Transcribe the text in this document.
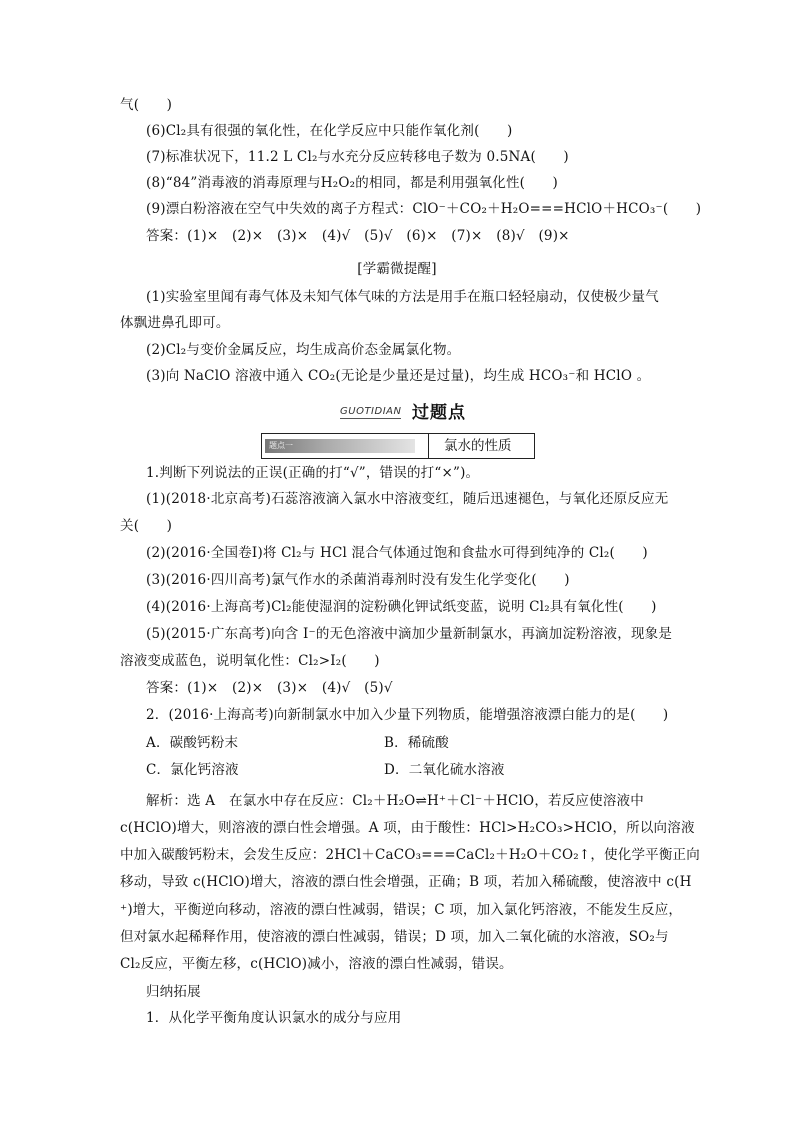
气(　　)
(6)Cl₂具有很强的氧化性，在化学反应中只能作氧化剂(　　)
(7)标准状况下，11.2 L Cl₂与水充分反应转移电子数为 0.5NA(　　)
(8)“84”消毒液的消毒原理与H₂O₂的相同，都是利用强氧化性(　　)
(9)漂白粉溶液在空气中失效的离子方程式：ClO⁻＋CO₂＋H₂O===HClO＋HCO₃⁻(　　)
答案：(1)×　(2)×　(3)×　(4)√　(5)√　(6)×　(7)×　(8)√　(9)×
[学霸微提醒]
(1)实验室里闻有毒气体及未知气体气味的方法是用手在瓶口轻轻扇动，仅使极少量气
体飘进鼻孔即可。
(2)Cl₂与变价金属反应，均生成高价态金属氯化物。
(3)向 NaClO 溶液中通入 CO₂(无论是少量还是过量)，均生成 HCO₃⁻和 HClO 。
GUOTIDIAN 过题点
题点一	氯水的性质
1.判断下列说法的正误(正确的打“√”，错误的打“×”)。
(1)(2018·北京高考)石蕊溶液滴入氯水中溶液变红，随后迅速褪色，与氧化还原反应无
关(　　)
(2)(2016·全国卷Ⅰ)将 Cl₂与 HCl 混合气体通过饱和食盐水可得到纯净的 Cl₂(　　)
(3)(2016·四川高考)氯气作水的杀菌消毒剂时没有发生化学变化(　　)
(4)(2016·上海高考)Cl₂能使湿润的淀粉碘化钾试纸变蓝，说明 Cl₂具有氧化性(　　)
(5)(2015·广东高考)向含 I⁻的无色溶液中滴加少量新制氯水，再滴加淀粉溶液，现象是
溶液变成蓝色，说明氧化性：Cl₂>I₂(　　)
答案：(1)×　(2)×　(3)×　(4)√　(5)√
2．(2016·上海高考)向新制氯水中加入少量下列物质，能增强溶液漂白能力的是(　　)
A．碳酸钙粉末	B．稀硫酸
C．氯化钙溶液	D．二氧化硫水溶液
解析：选 A　在氯水中存在反应：Cl₂＋H₂O⇌H⁺＋Cl⁻＋HClO，若反应使溶液中
c(HClO)增大，则溶液的漂白性会增强。A 项，由于酸性：HCl>H₂CO₃>HClO，所以向溶液
中加入碳酸钙粉末，会发生反应：2HCl＋CaCO₃===CaCl₂＋H₂O＋CO₂↑，使化学平衡正向
移动，导致 c(HClO)增大，溶液的漂白性会增强，正确；B 项，若加入稀硫酸，使溶液中 c(H
⁺)增大，平衡逆向移动，溶液的漂白性减弱，错误；C 项，加入氯化钙溶液，不能发生反应，
但对氯水起稀释作用，使溶液的漂白性减弱，错误；D 项，加入二氧化硫的水溶液，SO₂与
Cl₂反应，平衡左移，c(HClO)减小，溶液的漂白性减弱，错误。
归纳拓展
1．从化学平衡角度认识氯水的成分与应用
